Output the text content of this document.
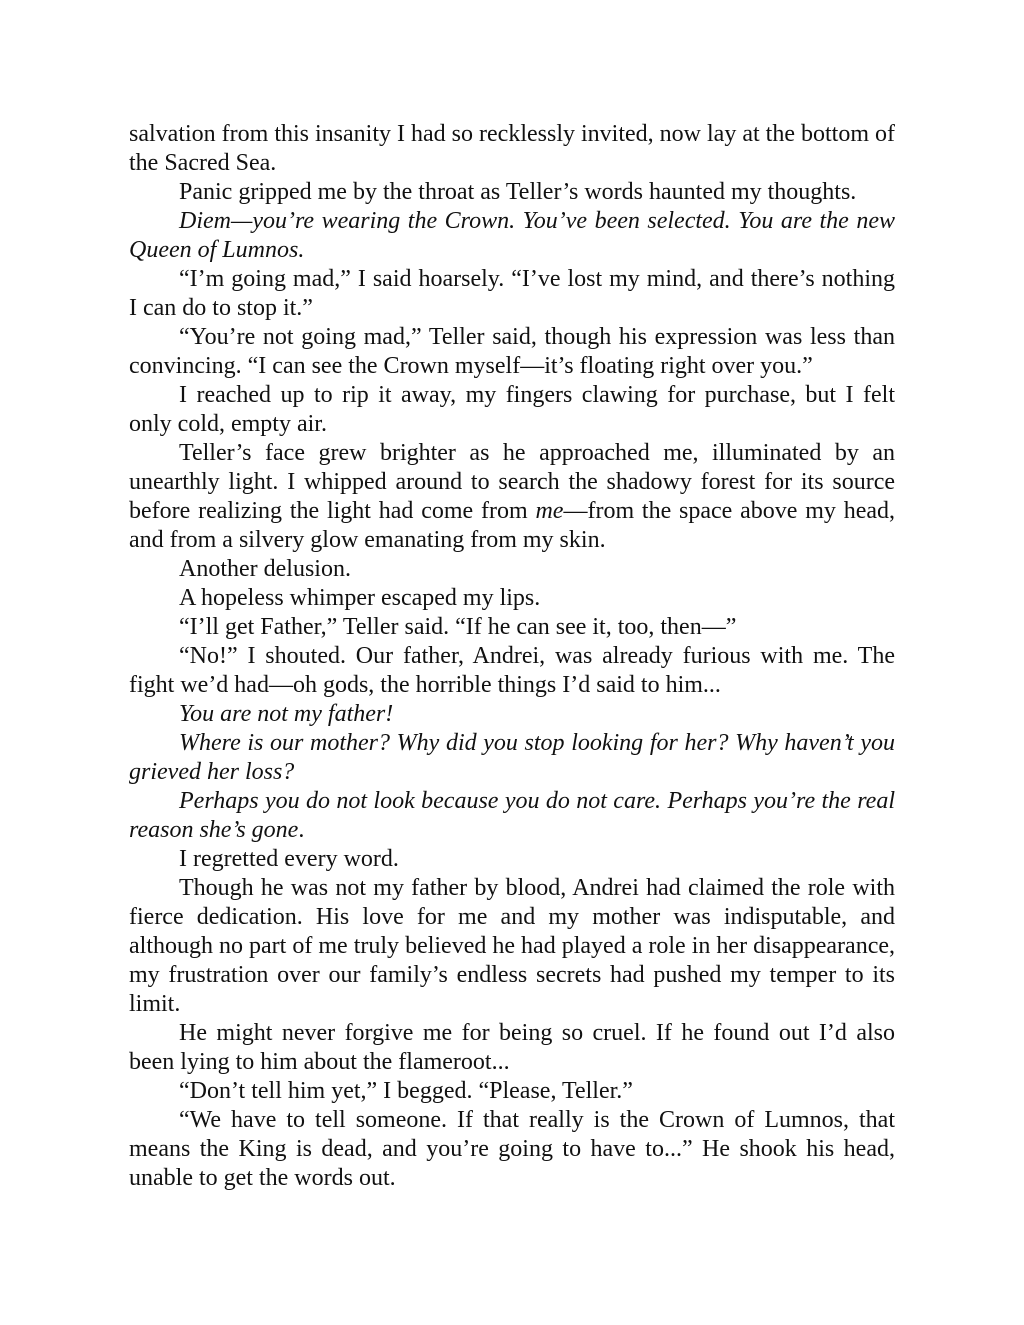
salvation from this insanity I had so recklessly invited, now lay at the bottom of the Sacred Sea.

Panic gripped me by the throat as Teller’s words haunted my thoughts.

Diem—you’re wearing the Crown. You’ve been selected. You are the new Queen of Lumnos.

“I’m going mad,” I said hoarsely. “I’ve lost my mind, and there’s nothing I can do to stop it.”

“You’re not going mad,” Teller said, though his expression was less than convincing. “I can see the Crown myself—it’s floating right over you.”

I reached up to rip it away, my fingers clawing for purchase, but I felt only cold, empty air.

Teller’s face grew brighter as he approached me, illuminated by an unearthly light. I whipped around to search the shadowy forest for its source before realizing the light had come from me—from the space above my head, and from a silvery glow emanating from my skin.

Another delusion.

A hopeless whimper escaped my lips.

“I’ll get Father,” Teller said. “If he can see it, too, then—”

“No!” I shouted. Our father, Andrei, was already furious with me. The fight we’d had—oh gods, the horrible things I’d said to him...

You are not my father!

Where is our mother? Why did you stop looking for her? Why haven’t you grieved her loss?

Perhaps you do not look because you do not care. Perhaps you’re the real reason she’s gone.

I regretted every word.

Though he was not my father by blood, Andrei had claimed the role with fierce dedication. His love for me and my mother was indisputable, and although no part of me truly believed he had played a role in her disappearance, my frustration over our family’s endless secrets had pushed my temper to its limit.

He might never forgive me for being so cruel. If he found out I’d also been lying to him about the flameroot...

“Don’t tell him yet,” I begged. “Please, Teller.”

“We have to tell someone. If that really is the Crown of Lumnos, that means the King is dead, and you’re going to have to...” He shook his head, unable to get the words out.
